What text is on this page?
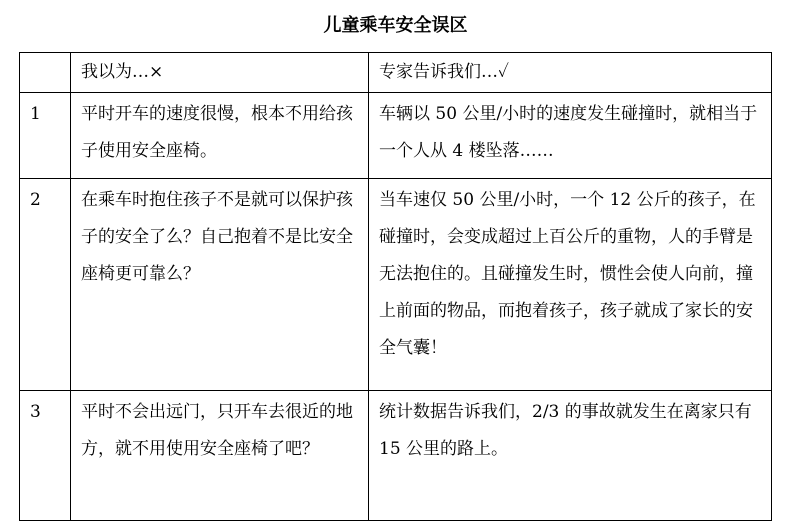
儿童乘车安全误区
	我以为…×	专家告诉我们…✓
1	平时开车的速度很慢，根本不用给孩子使用安全座椅。	车辆以 50 公里/小时的速度发生碰撞时，就相当于一个人从 4 楼坠落……
2	在乘车时抱住孩子不是就可以保护孩子的安全了么？自己抱着不是比安全座椅更可靠么？	当车速仅 50 公里/小时，一个 12 公斤的孩子，在碰撞时，会变成超过上百公斤的重物，人的手臂是无法抱住的。且碰撞发生时，惯性会使人向前，撞上前面的物品，而抱着孩子，孩子就成了家长的安全气囊！
3	平时不会出远门，只开车去很近的地方，就不用使用安全座椅了吧？	统计数据告诉我们，2/3 的事故就发生在离家只有 15 公里的路上。
